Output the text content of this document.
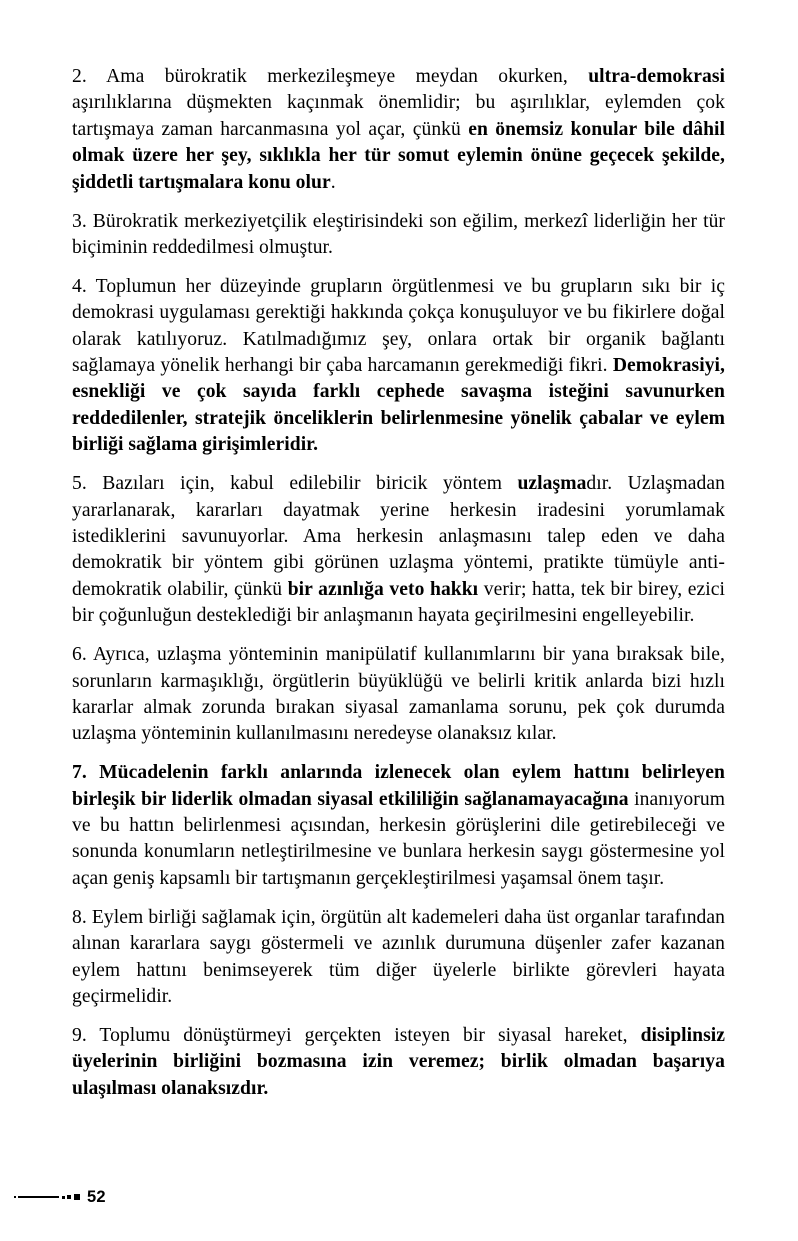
2. Ama bürokratik merkezileşmeye meydan okurken, ultra-demokrasi aşırılıklarına düşmekten kaçınmak önemlidir; bu aşırılıklar, eylemden çok tartışmaya zaman harcanmasına yol açar, çünkü en önemsiz konular bile dâhil olmak üzere her şey, sıklıkla her tür somut eylemin önüne geçecek şekilde, şiddetli tartışmalara konu olur.

3. Bürokratik merkeziyetçilik eleştirisindeki son eğilim, merkezî liderliğin her tür biçiminin reddedilmesi olmuştur.

4. Toplumun her düzeyinde grupların örgütlenmesi ve bu grupların sıkı bir iç demokrasi uygulaması gerektiği hakkında çokça konuşuluyor ve bu fikirlere doğal olarak katılıyoruz. Katılmadığımız şey, onlara ortak bir organik bağlantı sağlamaya yönelik herhangi bir çaba harcamanın gerekmediği fikri. Demokrasiyi, esnekliği ve çok sayıda farklı cephede savaşma isteğini savunurken reddedilenler, stratejik önceliklerin belirlenmesine yönelik çabalar ve eylem birliği sağlama girişimleridir.

5. Bazıları için, kabul edilebilir biricik yöntem uzlaşmadır. Uzlaşmadan yararlanarak, kararları dayatmak yerine herkesin iradesini yorumlamak istediklerini savunuyorlar. Ama herkesin anlaşmasını talep eden ve daha demokratik bir yöntem gibi görünen uzlaşma yöntemi, pratikte tümüyle anti-demokratik olabilir, çünkü bir azınlığa veto hakkı verir; hatta, tek bir birey, ezici bir çoğunluğun desteklediği bir anlaşmanın hayata geçirilmesini engelleyebilir.

6. Ayrıca, uzlaşma yönteminin manipülatif kullanımlarını bir yana bıraksak bile, sorunların karmaşıklığı, örgütlerin büyüklüğü ve belirli kritik anlarda bizi hızlı kararlar almak zorunda bırakan siyasal zamanlama sorunu, pek çok durumda uzlaşma yönteminin kullanılmasını neredeyse olanaksız kılar.

7. Mücadelenin farklı anlarında izlenecek olan eylem hattını belirleyen birleşik bir liderlik olmadan siyasal etkililiğin sağlanamayacağına inanıyorum ve bu hattın belirlenmesi açısından, herkesin görüşlerini dile getirebileceği ve sonunda konumların netleştirilmesine ve bunlara herkesin saygı göstermesine yol açan geniş kapsamlı bir tartışmanın gerçekleştirilmesi yaşamsal önem taşır.

8. Eylem birliği sağlamak için, örgütün alt kademeleri daha üst organlar tarafından alınan kararlara saygı göstermeli ve azınlık durumuna düşenler zafer kazanan eylem hattını benimseyerek tüm diğer üyelerle birlikte görevleri hayata geçirmelidir.

9. Toplumu dönüştürmeyi gerçekten isteyen bir siyasal hareket, disiplinsiz üyelerinin birliğini bozmasına izin veremez; birlik olmadan başarıya ulaşılması olanaksızdır.

52
